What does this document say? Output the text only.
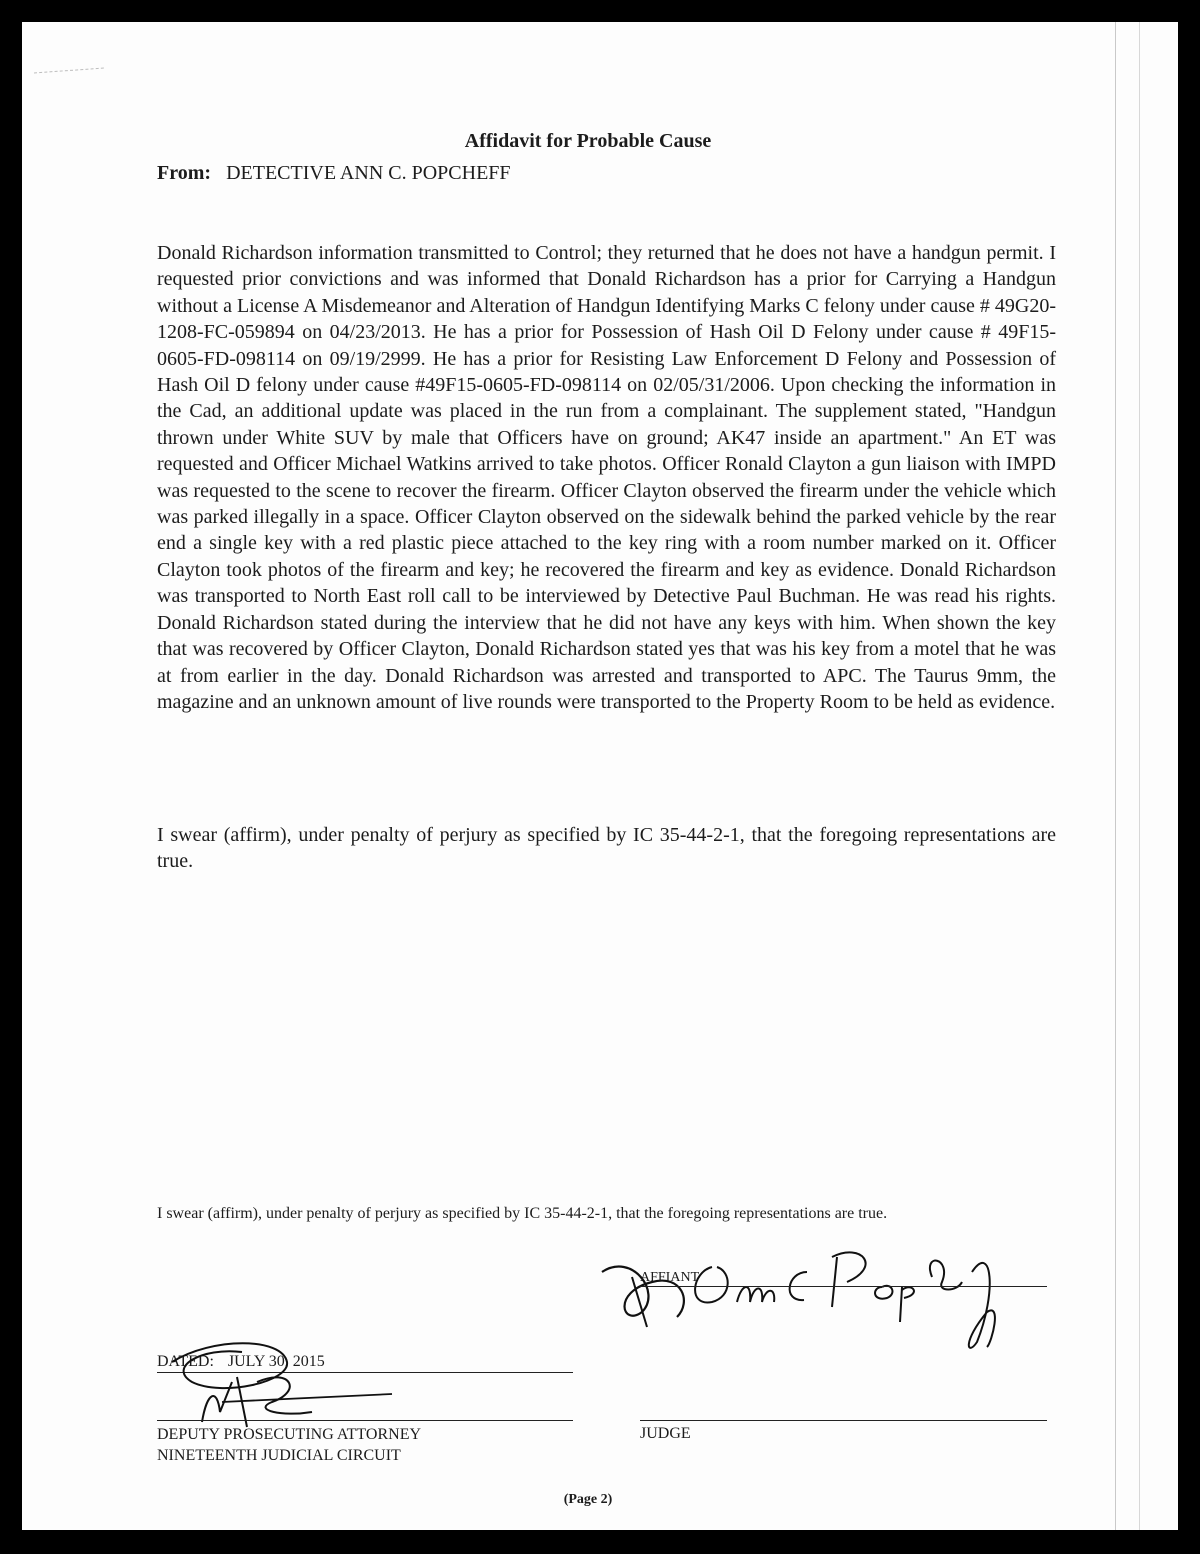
Affidavit for Probable Cause
From: DETECTIVE ANN C. POPCHEFF

Donald Richardson information transmitted to Control; they returned that he does not have a handgun permit. I requested prior convictions and was informed that Donald Richardson has a prior for Carrying a Handgun without a License A Misdemeanor and Alteration of Handgun Identifying Marks C felony under cause # 49G20-1208-FC-059894 on 04/23/2013. He has a prior for Possession of Hash Oil D Felony under cause # 49F15-0605-FD-098114 on 09/19/2999. He has a prior for Resisting Law Enforcement D Felony and Possession of Hash Oil D felony under cause #49F15-0605-FD-098114 on 02/05/31/2006. Upon checking the information in the Cad, an additional update was placed in the run from a complainant. The supplement stated, "Handgun thrown under White SUV by male that Officers have on ground; AK47 inside an apartment." An ET was requested and Officer Michael Watkins arrived to take photos. Officer Ronald Clayton a gun liaison with IMPD was requested to the scene to recover the firearm. Officer Clayton observed the firearm under the vehicle which was parked illegally in a space. Officer Clayton observed on the sidewalk behind the parked vehicle by the rear end a single key with a red plastic piece attached to the key ring with a room number marked on it. Officer Clayton took photos of the firearm and key; he recovered the firearm and key as evidence. Donald Richardson was transported to North East roll call to be interviewed by Detective Paul Buchman. He was read his rights. Donald Richardson stated during the interview that he did not have any keys with him. When shown the key that was recovered by Officer Clayton, Donald Richardson stated yes that was his key from a motel that he was at from earlier in the day. Donald Richardson was arrested and transported to APC. The Taurus 9mm, the magazine and an unknown amount of live rounds were transported to the Property Room to be held as evidence.

I swear (affirm), under penalty of perjury as specified by IC 35-44-2-1, that the foregoing representations are true.

I swear (affirm), under penalty of perjury as specified by IC 35-44-2-1, that the foregoing representations are true.

AFFIANT
DATED: JULY 30, 2015
DEPUTY PROSECUTING ATTORNEY
NINETEENTH JUDICIAL CIRCUIT
JUDGE
(Page 2)
